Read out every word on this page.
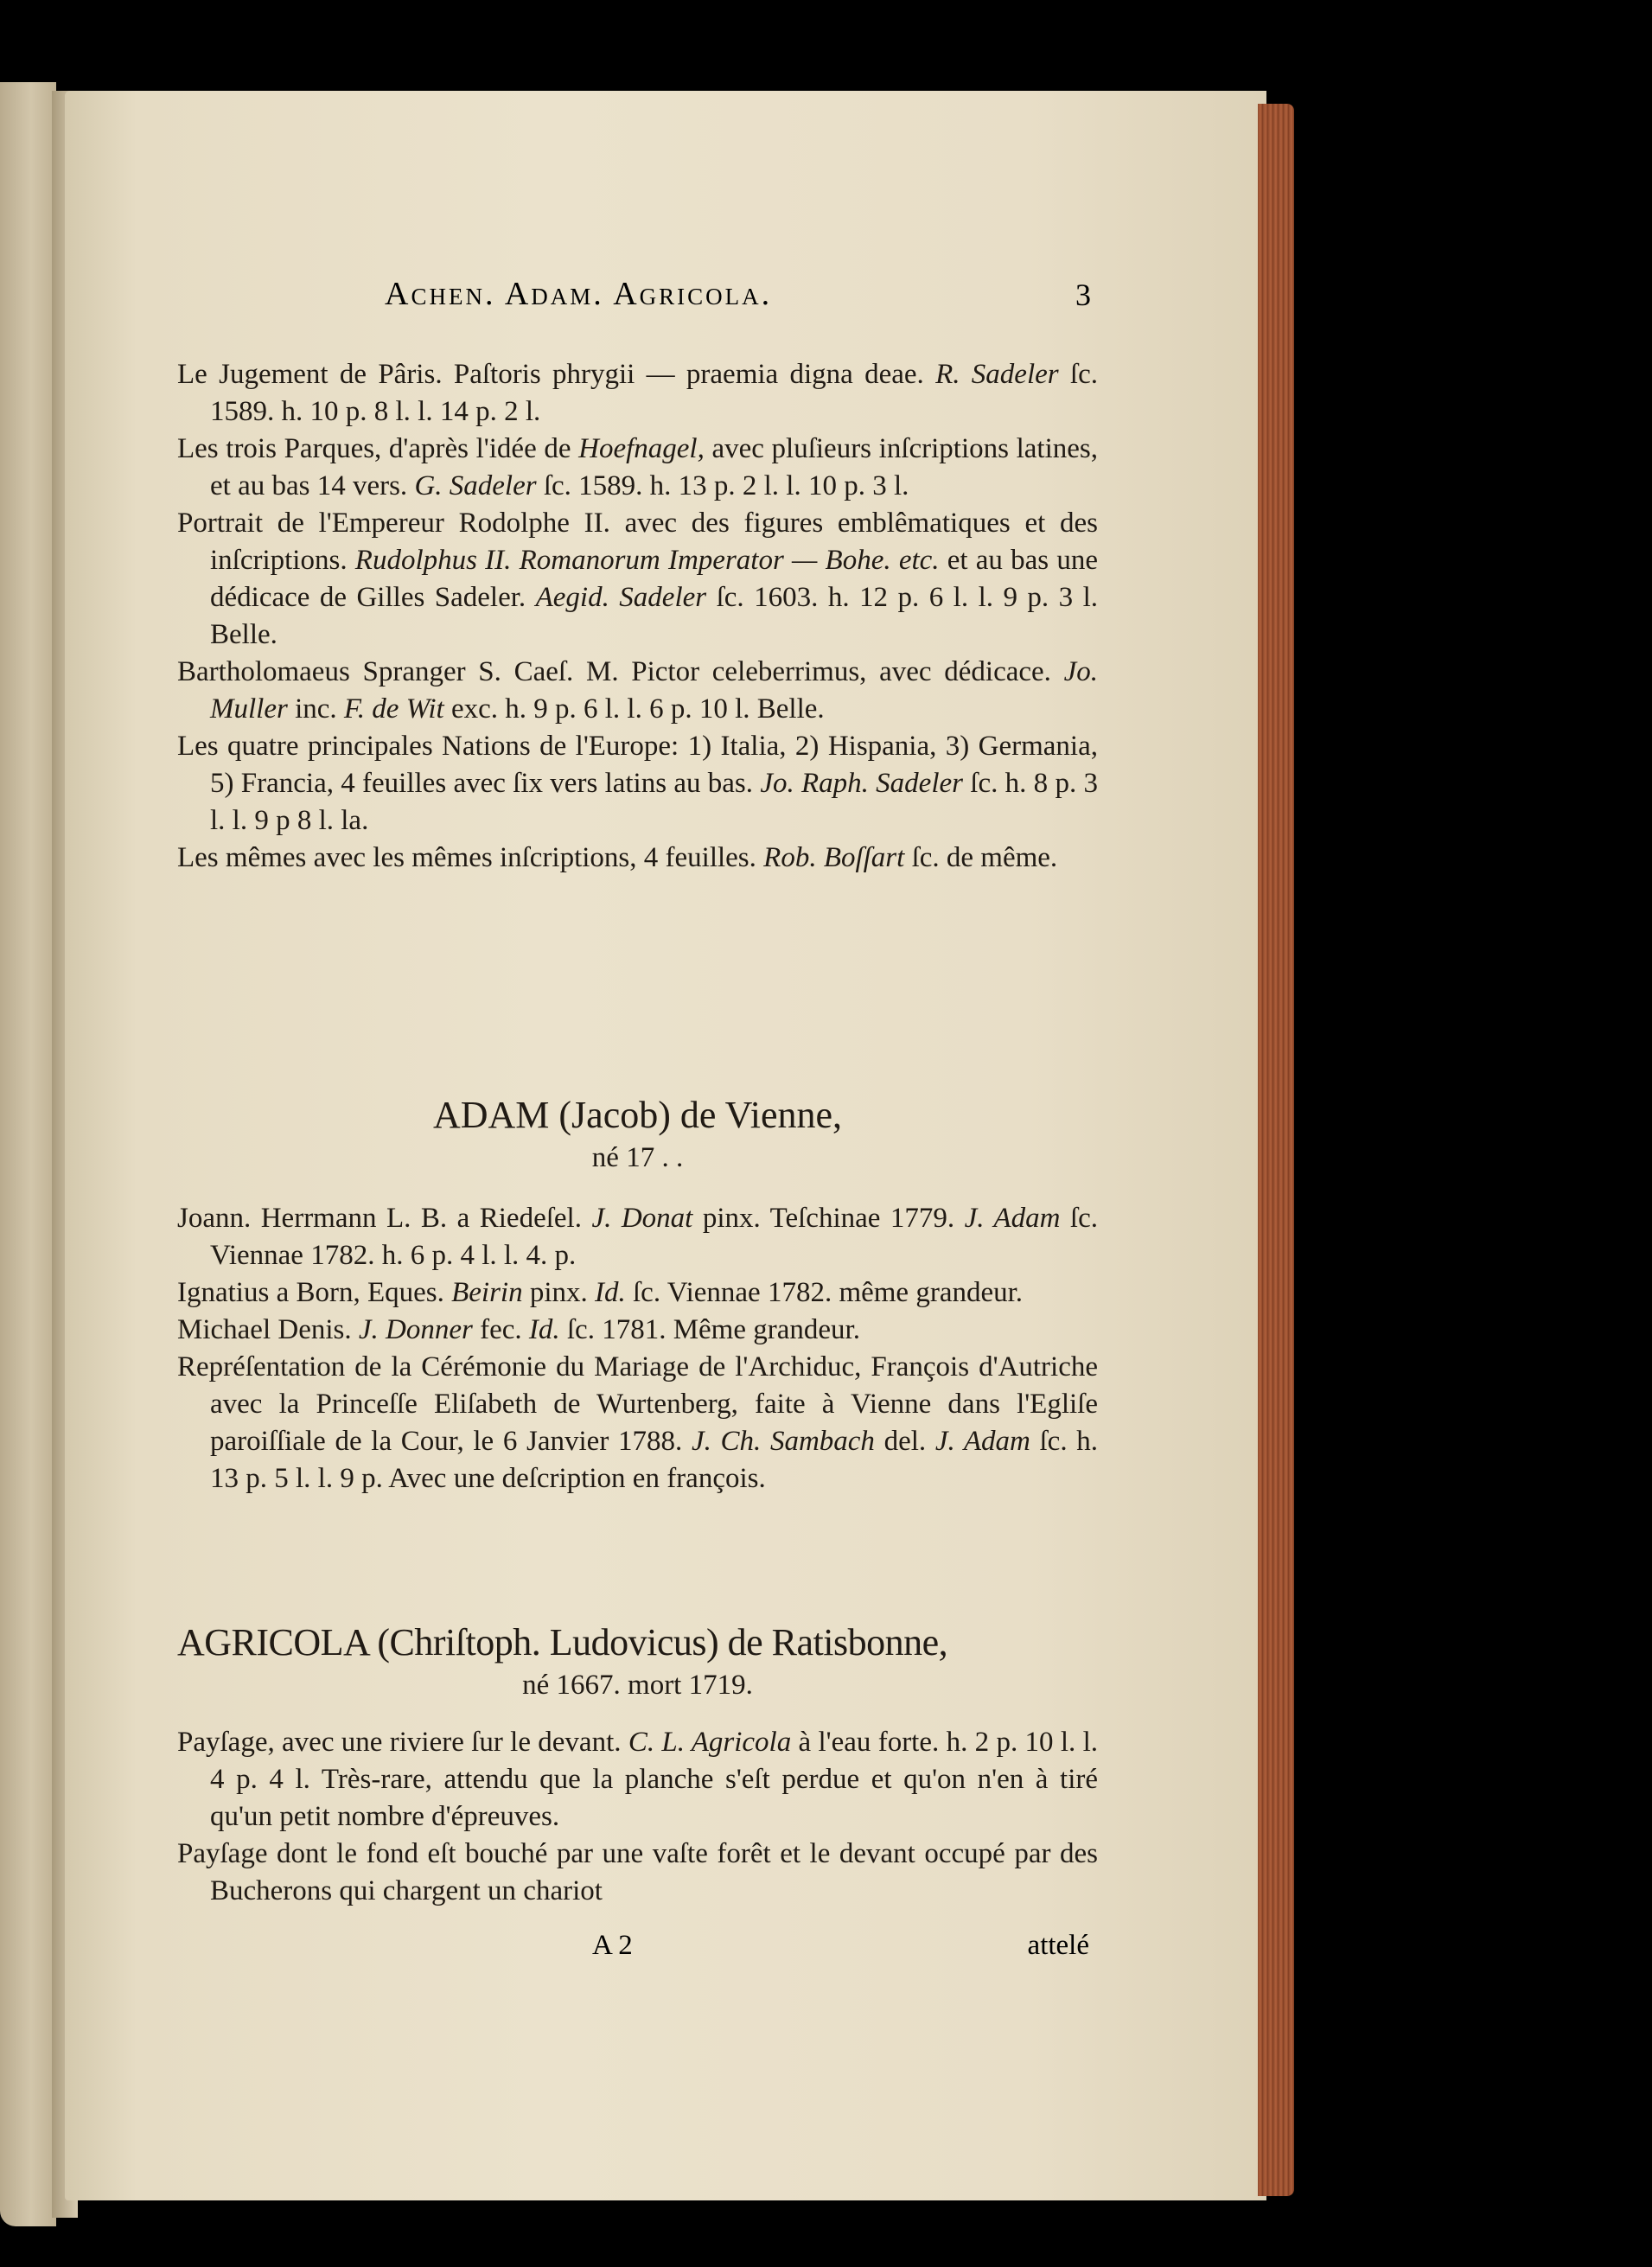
Achen. Adam. Agricola.	3

Le Jugement de Pâris. Paſtoris phrygii — praemia digna deae. R. Sadeler ſc. 1589. h. 10 p. 8 l. l. 14 p. 2 l.

Les trois Parques, d'après l'idée de Hoefnagel, avec pluſieurs inſcriptions latines, et au bas 14 vers. G. Sadeler ſc. 1589. h. 13 p. 2 l. l. 10 p. 3 l.

Portrait de l'Empereur Rodolphe II. avec des figures emblêmatiques et des inſcriptions. Rudolphus II. Romanorum Imperator — Bohe. etc. et au bas une dédicace de Gilles Sadeler. Aegid. Sadeler ſc. 1603. h. 12 p. 6 l. l. 9 p. 3 l. Belle.

Bartholomaeus Spranger S. Caeſ. M. Pictor celeberrimus, avec dédicace. Jo. Muller inc. F. de Wit exc. h. 9 p. 6 l. l. 6 p. 10 l. Belle.

Les quatre principales Nations de l'Europe: 1) Italia, 2) Hispania, 3) Germania, 5) Francia, 4 feuilles avec ſix vers latins au bas. Jo. Raph. Sadeler ſc. h. 8 p. 3 l. l. 9 p 8 l. la.

Les mêmes avec les mêmes inſcriptions, 4 feuilles. Rob. Boſſart ſc. de même.

ADAM (Jacob) de Vienne,

né 17 . .

Joann. Herrmann L. B. a Riedeſel. J. Donat pinx. Teſchinae 1779. J. Adam ſc. Viennae 1782. h. 6 p. 4 l. l. 4. p.

Ignatius a Born, Eques. Beirin pinx. Id. ſc. Viennae 1782. même grandeur.

Michael Denis. J. Donner fec. Id. ſc. 1781. Même grandeur.

Repréſentation de la Cérémonie du Mariage de l'Archiduc, François d'Autriche avec la Princeſſe Eliſabeth de Wurtenberg, faite à Vienne dans l'Egliſe paroiſſiale de la Cour, le 6 Janvier 1788. J. Ch. Sambach del. J. Adam ſc. h. 13 p. 5 l. l. 9 p. Avec une deſcription en françois.

AGRICOLA (Chriſtoph. Ludovicus) de Ratisbonne,

né 1667. mort 1719.

Payſage, avec une riviere ſur le devant. C. L. Agricola à l'eau forte. h. 2 p. 10 l. l. 4 p. 4 l. Très-rare, attendu que la planche s'eſt perdue et qu'on n'en à tiré qu'un petit nombre d'épreuves.

Payſage dont le fond eſt bouché par une vaſte forêt et le devant occupé par des Bucherons qui chargent un chariot

A 2	attelé
